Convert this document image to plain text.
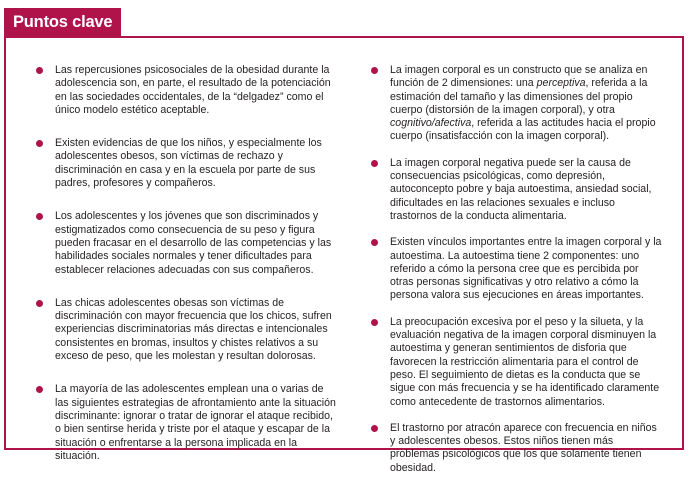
Puntos clave
Las repercusiones psicosociales de la obesidad durante la adolescencia son, en parte, el resultado de la potenciación en las sociedades occidentales, de la “delgadez” como el único modelo estético aceptable.
Existen evidencias de que los niños, y especialmente los adolescentes obesos, son víctimas de rechazo y discriminación en casa y en la escuela por parte de sus padres, profesores y compañeros.
Los adolescentes y los jóvenes que son discriminados y estigmatizados como consecuencia de su peso y figura pueden fracasar en el desarrollo de las competencias y las habilidades sociales normales y tener dificultades para establecer relaciones adecuadas con sus compañeros.
Las chicas adolescentes obesas son víctimas de discriminación con mayor frecuencia que los chicos, sufren experiencias discriminatorias más directas e intencionales consistentes en bromas, insultos y chistes relativos a su exceso de peso, que les molestan y resultan dolorosas.
La mayoría de las adolescentes emplean una o varias de las siguientes estrategias de afrontamiento ante la situación discriminante: ignorar o tratar de ignorar el ataque recibido, o bien sentirse herida y triste por el ataque y escapar de la situación o enfrentarse a la persona implicada en la situación.
La imagen corporal es un constructo que se analiza en función de 2 dimensiones: una perceptiva, referida a la estimación del tamaño y las dimensiones del propio cuerpo (distorsión de la imagen corporal), y otra cognitivo/afectiva, referida a las actitudes hacia el propio cuerpo (insatisfacción con la imagen corporal).
La imagen corporal negativa puede ser la causa de consecuencias psicológicas, como depresión, autoconcepto pobre y baja autoestima, ansiedad social, dificultades en las relaciones sexuales e incluso trastornos de la conducta alimentaria.
Existen vínculos importantes entre la imagen corporal y la autoestima. La autoestima tiene 2 componentes: uno referido a cómo la persona cree que es percibida por otras personas significativas y otro relativo a cómo la persona valora sus ejecuciones en áreas importantes.
La preocupación excesiva por el peso y la silueta, y la evaluación negativa de la imagen corporal disminuyen la autoestima y generan sentimientos de disforia que favorecen la restricción alimentaria para el control de peso. El seguimiento de dietas es la conducta que se sigue con más frecuencia y se ha identificado claramente como antecedente de trastornos alimentarios.
El trastorno por atracón aparece con frecuencia en niños y adolescentes obesos. Estos niños tienen más problemas psicológicos que los que solamente tienen obesidad.
